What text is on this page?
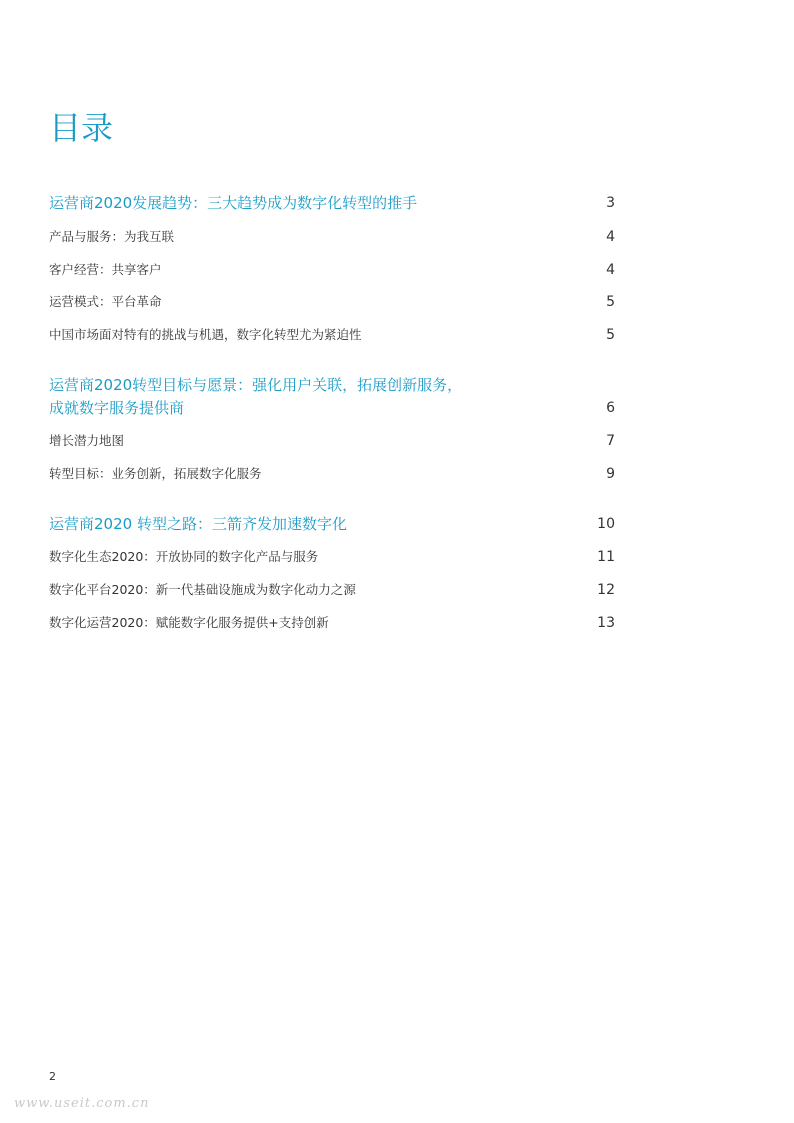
目录
运营商2020发展趋势：三大趋势成为数字化转型的推手	3
产品与服务：为我互联	4
客户经营：共享客户	4
运营模式：平台革命	5
中国市场面对特有的挑战与机遇，数字化转型尤为紧迫性	5
运营商2020转型目标与愿景：强化用户关联，拓展创新服务，
成就数字服务提供商	6
增长潜力地图	7
转型目标：业务创新，拓展数字化服务	9
运营商2020 转型之路：三箭齐发加速数字化	10
数字化生态2020：开放协同的数字化产品与服务	11
数字化平台2020：新一代基础设施成为数字化动力之源	12
数字化运营2020：赋能数字化服务提供+支持创新	13
2
www.useit.com.cn
